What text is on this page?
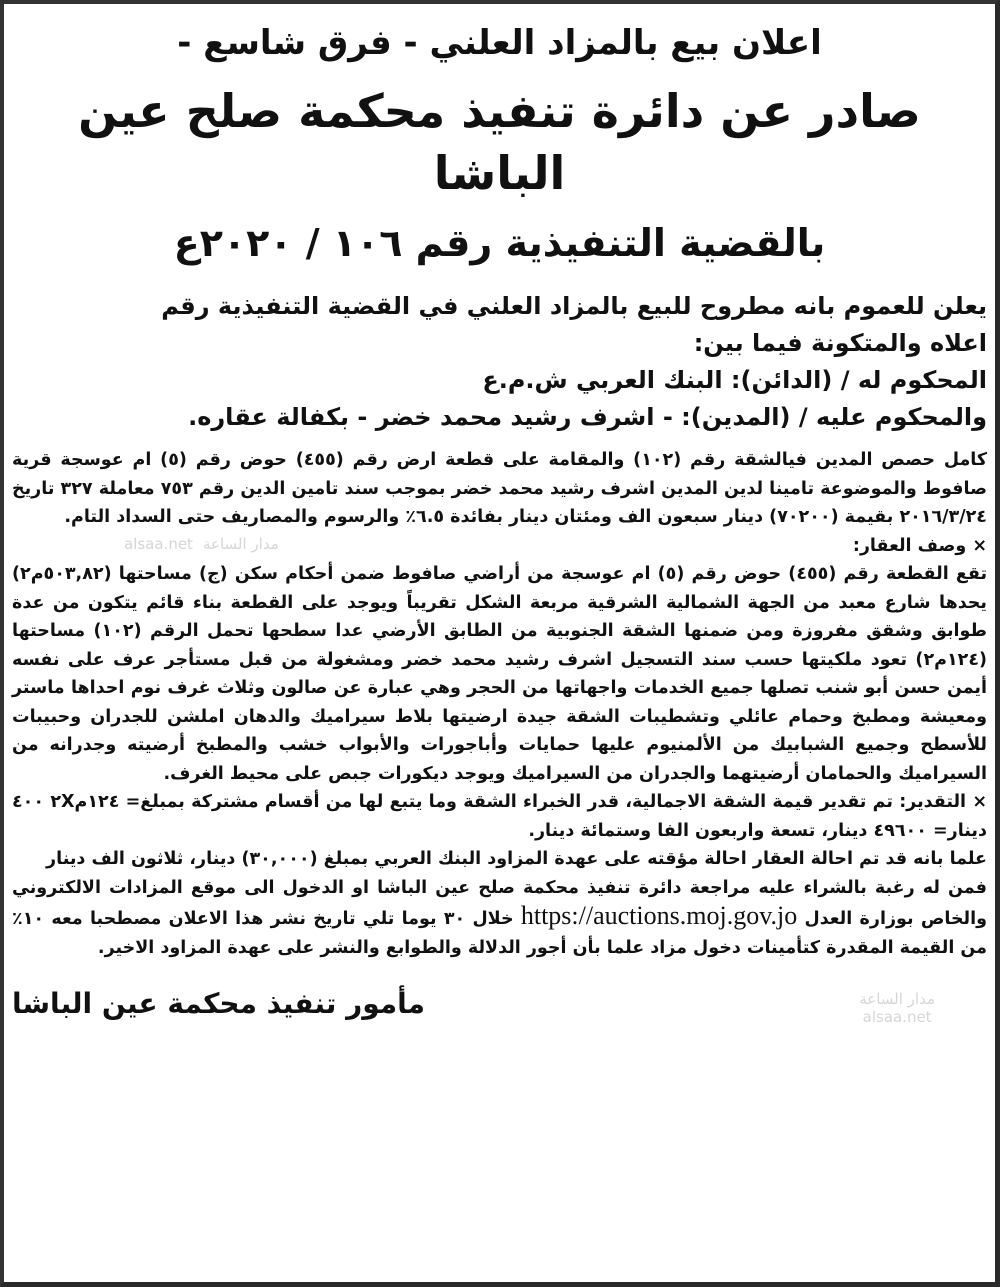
مدار الساعة
alsaa.net
مدار الساعة
alsaa.net
اعلان بيع بالمزاد العلني - فرق شاسع -
صادر عن دائرة تنفيذ محكمة صلح عين الباشا
بالقضية التنفيذية رقم ١٠٦ / ٢٠٢٠ع
يعلن للعموم بانه مطروح للبيع بالمزاد العلني في القضية التنفيذية رقم
اعلاه والمتكونة فيما بين:
المحكوم له / (الدائن): البنك العربي ش.م.ع
والمحكوم عليه / (المدين): - اشرف رشيد محمد خضر - بكفالة عقاره.

كامل حصص المدين فيالشقة رقم (١٠٢) والمقامة على قطعة ارض رقم (٤٥٥) حوض رقم (٥) ام عوسجة قرية صافوط والموضوعة تامينا لدين المدين اشرف رشيد محمد خضر بموجب سند تامين الدين رقم ٧٥٣ معاملة ٣٢٧ تاريخ ٢٠١٦/٣/٢٤ بقيمة (٧٠٢٠٠) دينار سبعون الف ومئتان دينار بفائدة ٦.٥٪ والرسوم والمصاريف حتى السداد التام.

× وصف العقار:

تقع القطعة رقم (٤٥٥) حوض رقم (٥) ام عوسجة من أراضي صافوط ضمن أحكام سكن (ج) مساحتها (٥٠٣,٨٢م٢) يحدها شارع معبد من الجهة الشمالية الشرقية مربعة الشكل تقريباً ويوجد على القطعة بناء قائم يتكون من عدة طوابق وشقق مفروزة ومن ضمنها الشقة الجنوبية من الطابق الأرضي عدا سطحها تحمل الرقم (١٠٢) مساحتها (١٢٤م٢) تعود ملكيتها حسب سند التسجيل اشرف رشيد محمد خضر ومشغولة من قبل مستأجر عرف على نفسه أيمن حسن أبو شنب تصلها جميع الخدمات واجهاتها من الحجر وهي عبارة عن صالون وثلاث غرف نوم احداها ماستر ومعيشة ومطبخ وحمام عائلي وتشطيبات الشقة جيدة ارضيتها بلاط سيراميك والدهان املشن للجدران وحبيبات للأسطح وجميع الشبابيك من الألمنيوم عليها حمايات وأباجورات والأبواب خشب والمطبخ أرضيته وجدرانه من السيراميك والحمامان أرضيتهما والجدران من السيراميك ويوجد ديكورات جبص على محيط الغرف.

× التقدير: تم تقدير قيمة الشقة الاجمالية، قدر الخبراء الشقة وما يتبع لها من أقسام مشتركة بمبلغ= ١٢٤م٢X ٤٠٠ دينار= ٤٩٦٠٠ دينار، تسعة واربعون الفا وستمائة دينار.

علما بانه قد تم احالة العقار احالة مؤقته على عهدة المزاود البنك العربي بمبلغ (٣٠,٠٠٠) دينار، ثلاثون الف دينار

فمن له رغبة بالشراء عليه مراجعة دائرة تنفيذ محكمة صلح عين الباشا او الدخول الى موقع المزادات الالكتروني والخاص بوزارة العدل https://auctions.moj.gov.jo خلال ٣٠ يوما تلي تاريخ نشر هذا الاعلان مصطحبا معه ١٠٪ من القيمة المقدرة كتأمينات دخول مزاد علما بأن أجور الدلالة والطوابع والنشر على عهدة المزاود الاخير.

مأمور تنفيذ محكمة عين الباشا
